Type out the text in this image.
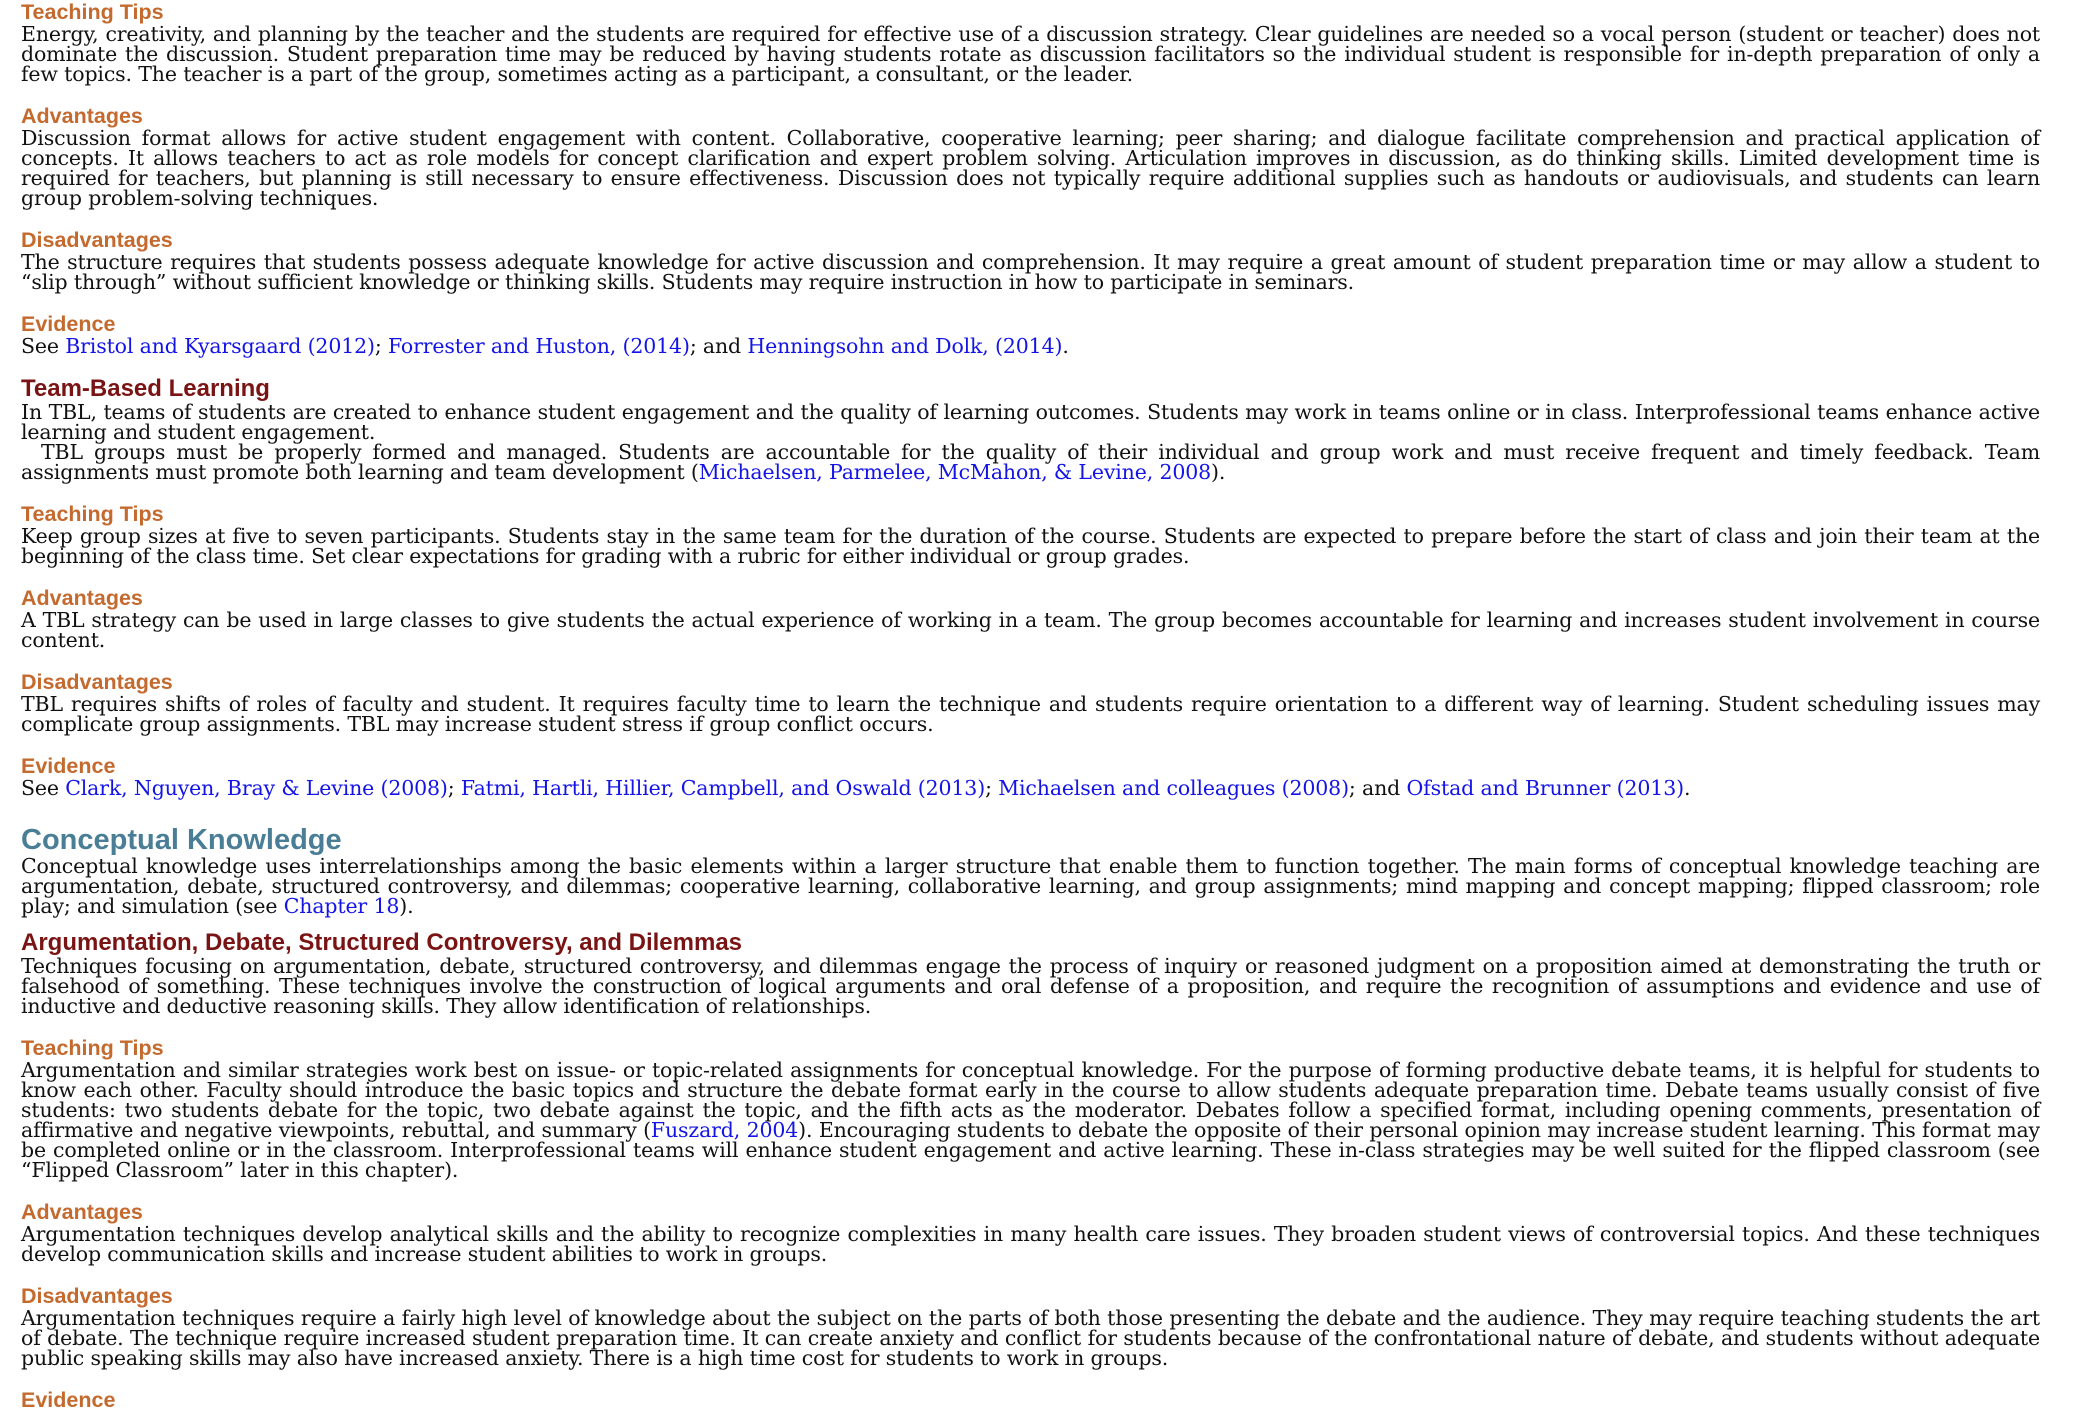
Teaching Tips

Energy, creativity, and planning by the teacher and the students are required for effective use of a discussion strategy. Clear guidelines are needed so a vocal person (student or teacher) does not dominate the discussion. Student preparation time may be reduced by having students rotate as discussion facilitators so the individual student is responsible for in-depth preparation of only a few topics. The teacher is a part of the group, sometimes acting as a participant, a consultant, or the leader.

Advantages

Discussion format allows for active student engagement with content. Collaborative, cooperative learning; peer sharing; and dialogue facilitate comprehension and practical application of concepts. It allows teachers to act as role models for concept clarification and expert problem solving. Articulation improves in discussion, as do thinking skills. Limited development time is required for teachers, but planning is still necessary to ensure effectiveness. Discussion does not typically require additional supplies such as handouts or audiovisuals, and students can learn group problem-solving techniques.

Disadvantages

The structure requires that students possess adequate knowledge for active discussion and comprehension. It may require a great amount of student preparation time or may allow a student to “slip through” without sufficient knowledge or thinking skills. Students may require instruction in how to participate in seminars.

Evidence

See Bristol and Kyarsgaard (2012); Forrester and Huston, (2014); and Henningsohn and Dolk, (2014).

Team-Based Learning

In TBL, teams of students are created to enhance student engagement and the quality of learning outcomes. Students may work in teams online or in class. Interprofessional teams enhance active learning and student engagement.

TBL groups must be properly formed and managed. Students are accountable for the quality of their individual and group work and must receive frequent and timely feedback. Team assignments must promote both learning and team development (Michaelsen, Parmelee, McMahon, & Levine, 2008).

Teaching Tips

Keep group sizes at five to seven participants. Students stay in the same team for the duration of the course. Students are expected to prepare before the start of class and join their team at the beginning of the class time. Set clear expectations for grading with a rubric for either individual or group grades.

Advantages

A TBL strategy can be used in large classes to give students the actual experience of working in a team. The group becomes accountable for learning and increases student involvement in course content.

Disadvantages

TBL requires shifts of roles of faculty and student. It requires faculty time to learn the technique and students require orientation to a different way of learning. Student scheduling issues may complicate group assignments. TBL may increase student stress if group conflict occurs.

Evidence

See Clark, Nguyen, Bray & Levine (2008); Fatmi, Hartli, Hillier, Campbell, and Oswald (2013); Michaelsen and colleagues (2008); and Ofstad and Brunner (2013).

Conceptual Knowledge

Conceptual knowledge uses interrelationships among the basic elements within a larger structure that enable them to function together. The main forms of conceptual knowledge teaching are argumentation, debate, structured controversy, and dilemmas; cooperative learning, collaborative learning, and group assignments; mind mapping and concept mapping; flipped classroom; role play; and simulation (see Chapter 18).

Argumentation, Debate, Structured Controversy, and Dilemmas

Techniques focusing on argumentation, debate, structured controversy, and dilemmas engage the process of inquiry or reasoned judgment on a proposition aimed at demonstrating the truth or falsehood of something. These techniques involve the construction of logical arguments and oral defense of a proposition, and require the recognition of assumptions and evidence and use of inductive and deductive reasoning skills. They allow identification of relationships.

Teaching Tips

Argumentation and similar strategies work best on issue- or topic-related assignments for conceptual knowledge. For the purpose of forming productive debate teams, it is helpful for students to know each other. Faculty should introduce the basic topics and structure the debate format early in the course to allow students adequate preparation time. Debate teams usually consist of five students: two students debate for the topic, two debate against the topic, and the fifth acts as the moderator. Debates follow a specified format, including opening comments, presentation of affirmative and negative viewpoints, rebuttal, and summary (Fuszard, 2004). Encouraging students to debate the opposite of their personal opinion may increase student learning. This format may be completed online or in the classroom. Interprofessional teams will enhance student engagement and active learning. These in-class strategies may be well suited for the flipped classroom (see “Flipped Classroom” later in this chapter).

Advantages

Argumentation techniques develop analytical skills and the ability to recognize complexities in many health care issues. They broaden student views of controversial topics. And these techniques develop communication skills and increase student abilities to work in groups.

Disadvantages

Argumentation techniques require a fairly high level of knowledge about the subject on the parts of both those presenting the debate and the audience. They may require teaching students the art of debate. The technique require increased student preparation time. It can create anxiety and conflict for students because of the confrontational nature of debate, and students without adequate public speaking skills may also have increased anxiety. There is a high time cost for students to work in groups.

Evidence
